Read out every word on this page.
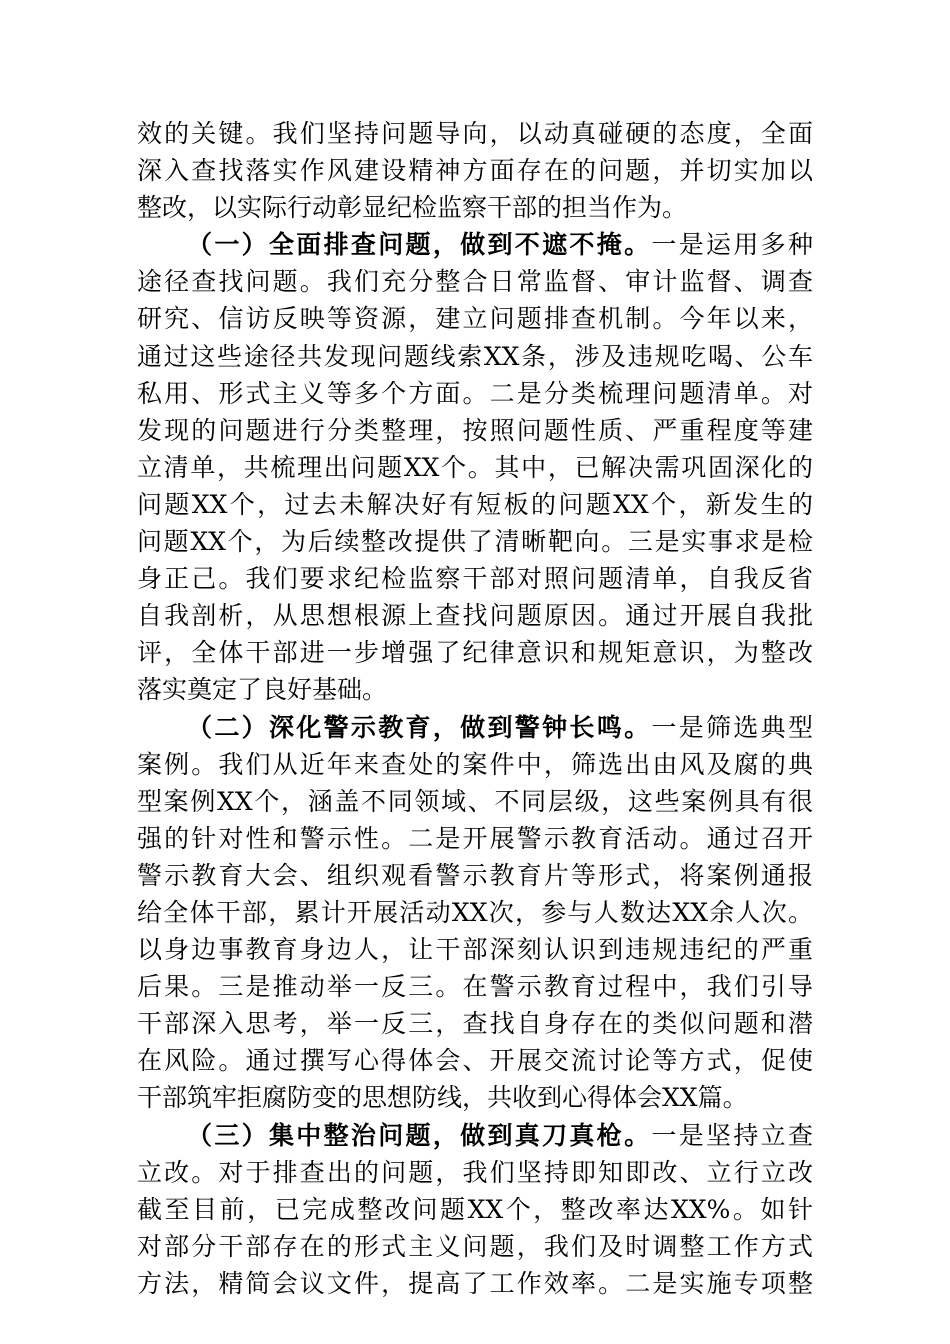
效的关键。我们坚持问题导向，以动真碰硬的态度，全面
深入查找落实作风建设精神方面存在的问题，并切实加以
整改，以实际行动彰显纪检监察干部的担当作为。
（一）全面排查问题，做到不遮不掩。一是运用多种
途径查找问题。我们充分整合日常监督、审计监督、调查
研究、信访反映等资源，建立问题排查机制。今年以来，
通过这些途径共发现问题线索XX条，涉及违规吃喝、公车
私用、形式主义等多个方面。二是分类梳理问题清单。对
发现的问题进行分类整理，按照问题性质、严重程度等建
立清单，共梳理出问题XX个。其中，已解决需巩固深化的
问题XX个，过去未解决好有短板的问题XX个，新发生的
问题XX个，为后续整改提供了清晰靶向。三是实事求是检
身正己。我们要求纪检监察干部对照问题清单，自我反省
自我剖析，从思想根源上查找问题原因。通过开展自我批
评，全体干部进一步增强了纪律意识和规矩意识，为整改
落实奠定了良好基础。
（二）深化警示教育，做到警钟长鸣。一是筛选典型
案例。我们从近年来查处的案件中，筛选出由风及腐的典
型案例XX个，涵盖不同领域、不同层级，这些案例具有很
强的针对性和警示性。二是开展警示教育活动。通过召开
警示教育大会、组织观看警示教育片等形式，将案例通报
给全体干部，累计开展活动XX次，参与人数达XX余人次。
以身边事教育身边人，让干部深刻认识到违规违纪的严重
后果。三是推动举一反三。在警示教育过程中，我们引导
干部深入思考，举一反三，查找自身存在的类似问题和潜
在风险。通过撰写心得体会、开展交流讨论等方式，促使
干部筑牢拒腐防变的思想防线，共收到心得体会XX篇。
（三）集中整治问题，做到真刀真枪。一是坚持立查
立改。对于排查出的问题，我们坚持即知即改、立行立改
截至目前，已完成整改问题XX个，整改率达XX%。如针
对部分干部存在的形式主义问题，我们及时调整工作方式
方法，精简会议文件，提高了工作效率。二是实施专项整
